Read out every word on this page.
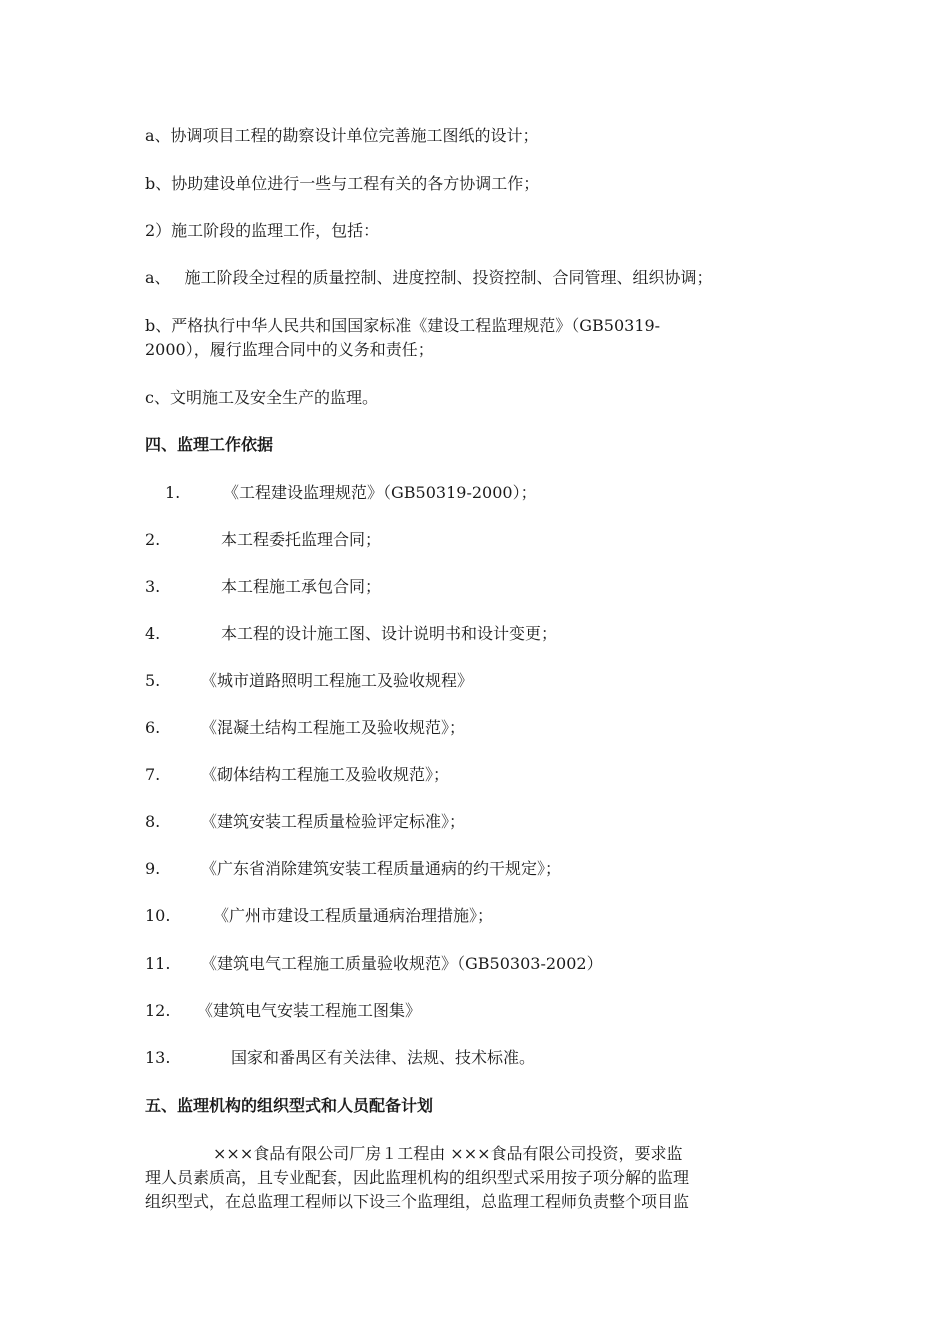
a、协调项目工程的勘察设计单位完善施工图纸的设计；
b、协助建设单位进行一些与工程有关的各方协调工作；
2）施工阶段的监理工作，包括：
a、 施工阶段全过程的质量控制、进度控制、投资控制、合同管理、组织协调；
b、严格执行中华人民共和国国家标准《建设工程监理规范》（GB50319-
2000），履行监理合同中的义务和责任；
c、文明施工及安全生产的监理。
四、监理工作依据
1.	《工程建设监理规范》（GB50319-2000）；
2.	本工程委托监理合同；
3.	本工程施工承包合同；
4.	本工程的设计施工图、设计说明书和设计变更；
5.	《城市道路照明工程施工及验收规程》
6.	《混凝土结构工程施工及验收规范》；
7.	《砌体结构工程施工及验收规范》；
8.	《建筑安装工程质量检验评定标准》；
9.	《广东省消除建筑安装工程质量通病的约干规定》；
10.	《广州市建设工程质量通病治理措施》；
11. 《建筑电气工程施工质量验收规范》（GB50303-2002）
12. 《建筑电气安装工程施工图集》
13.	国家和番禺区有关法律、法规、技术标准。
五、监理机构的组织型式和人员配备计划
×××食品有限公司厂房１工程由 ×××食品有限公司投资，要求监
理人员素质高，且专业配套，因此监理机构的组织型式采用按子项分解的监理
组织型式，在总监理工程师以下设三个监理组，总监理工程师负责整个项目监
